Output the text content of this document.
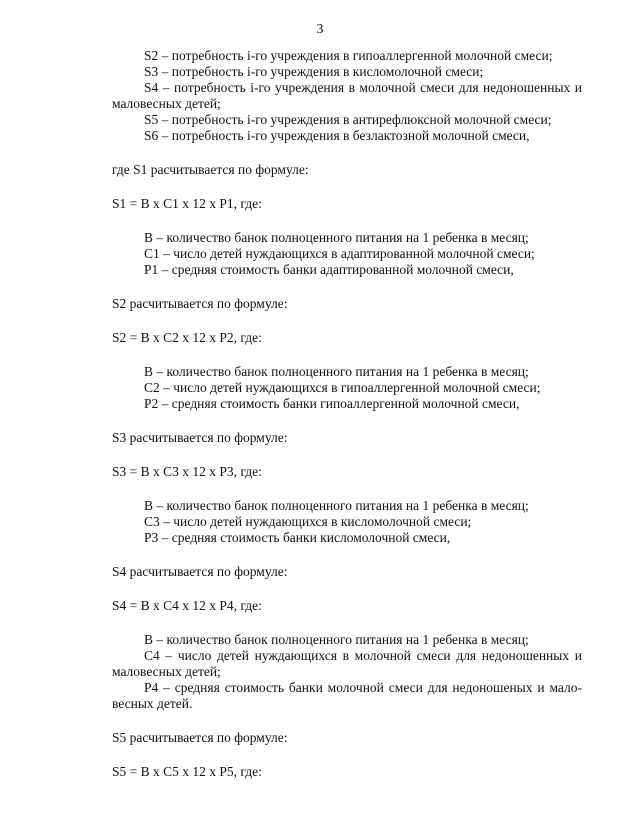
3
S2 – потребность i-го учреждения в гипоаллергенной молочной смеси;
S3 – потребность i-го учреждения в кисломолочной смеси;
S4 – потребность i-го учреждения в молочной смеси для недоношенных и
маловесных детей;
S5 – потребность i-го учреждения в антирефлюксной молочной смеси;
S6 – потребность i-го учреждения в безлактозной молочной смеси,
где S1 расчитывается по формуле:
S1 = B x C1 x 12 x P1, где:
B – количество банок полноценного питания на 1 ребенка в месяц;
C1 – число детей нуждающихся в адаптированной молочной смеси;
P1 – средняя стоимость банки адаптированной молочной смеси,
S2 расчитывается по формуле:
S2 = B x C2 x 12 x P2, где:
B – количество банок полноценного питания на 1 ребенка в месяц;
C2 – число детей нуждающихся в гипоаллергенной молочной смеси;
P2 – средняя стоимость банки гипоаллергенной молочной смеси,
S3 расчитывается по формуле:
S3 = B x C3 x 12 x P3, где:
B – количество банок полноценного питания на 1 ребенка в месяц;
C3 – число детей нуждающихся в кисломолочной смеси;
P3 – средняя стоимость банки кисломолочной смеси,
S4 расчитывается по формуле:
S4 = B x C4 x 12 x P4, где:
B – количество банок полноценного питания на 1 ребенка в месяц;
C4 – число детей нуждающихся в молочной смеси для недоношенных и
маловесных детей;
P4 – средняя стоимость банки молочной смеси для недоношеных и мало-
весных детей.
S5 расчитывается по формуле:
S5 = B x C5 x 12 x P5, где:
